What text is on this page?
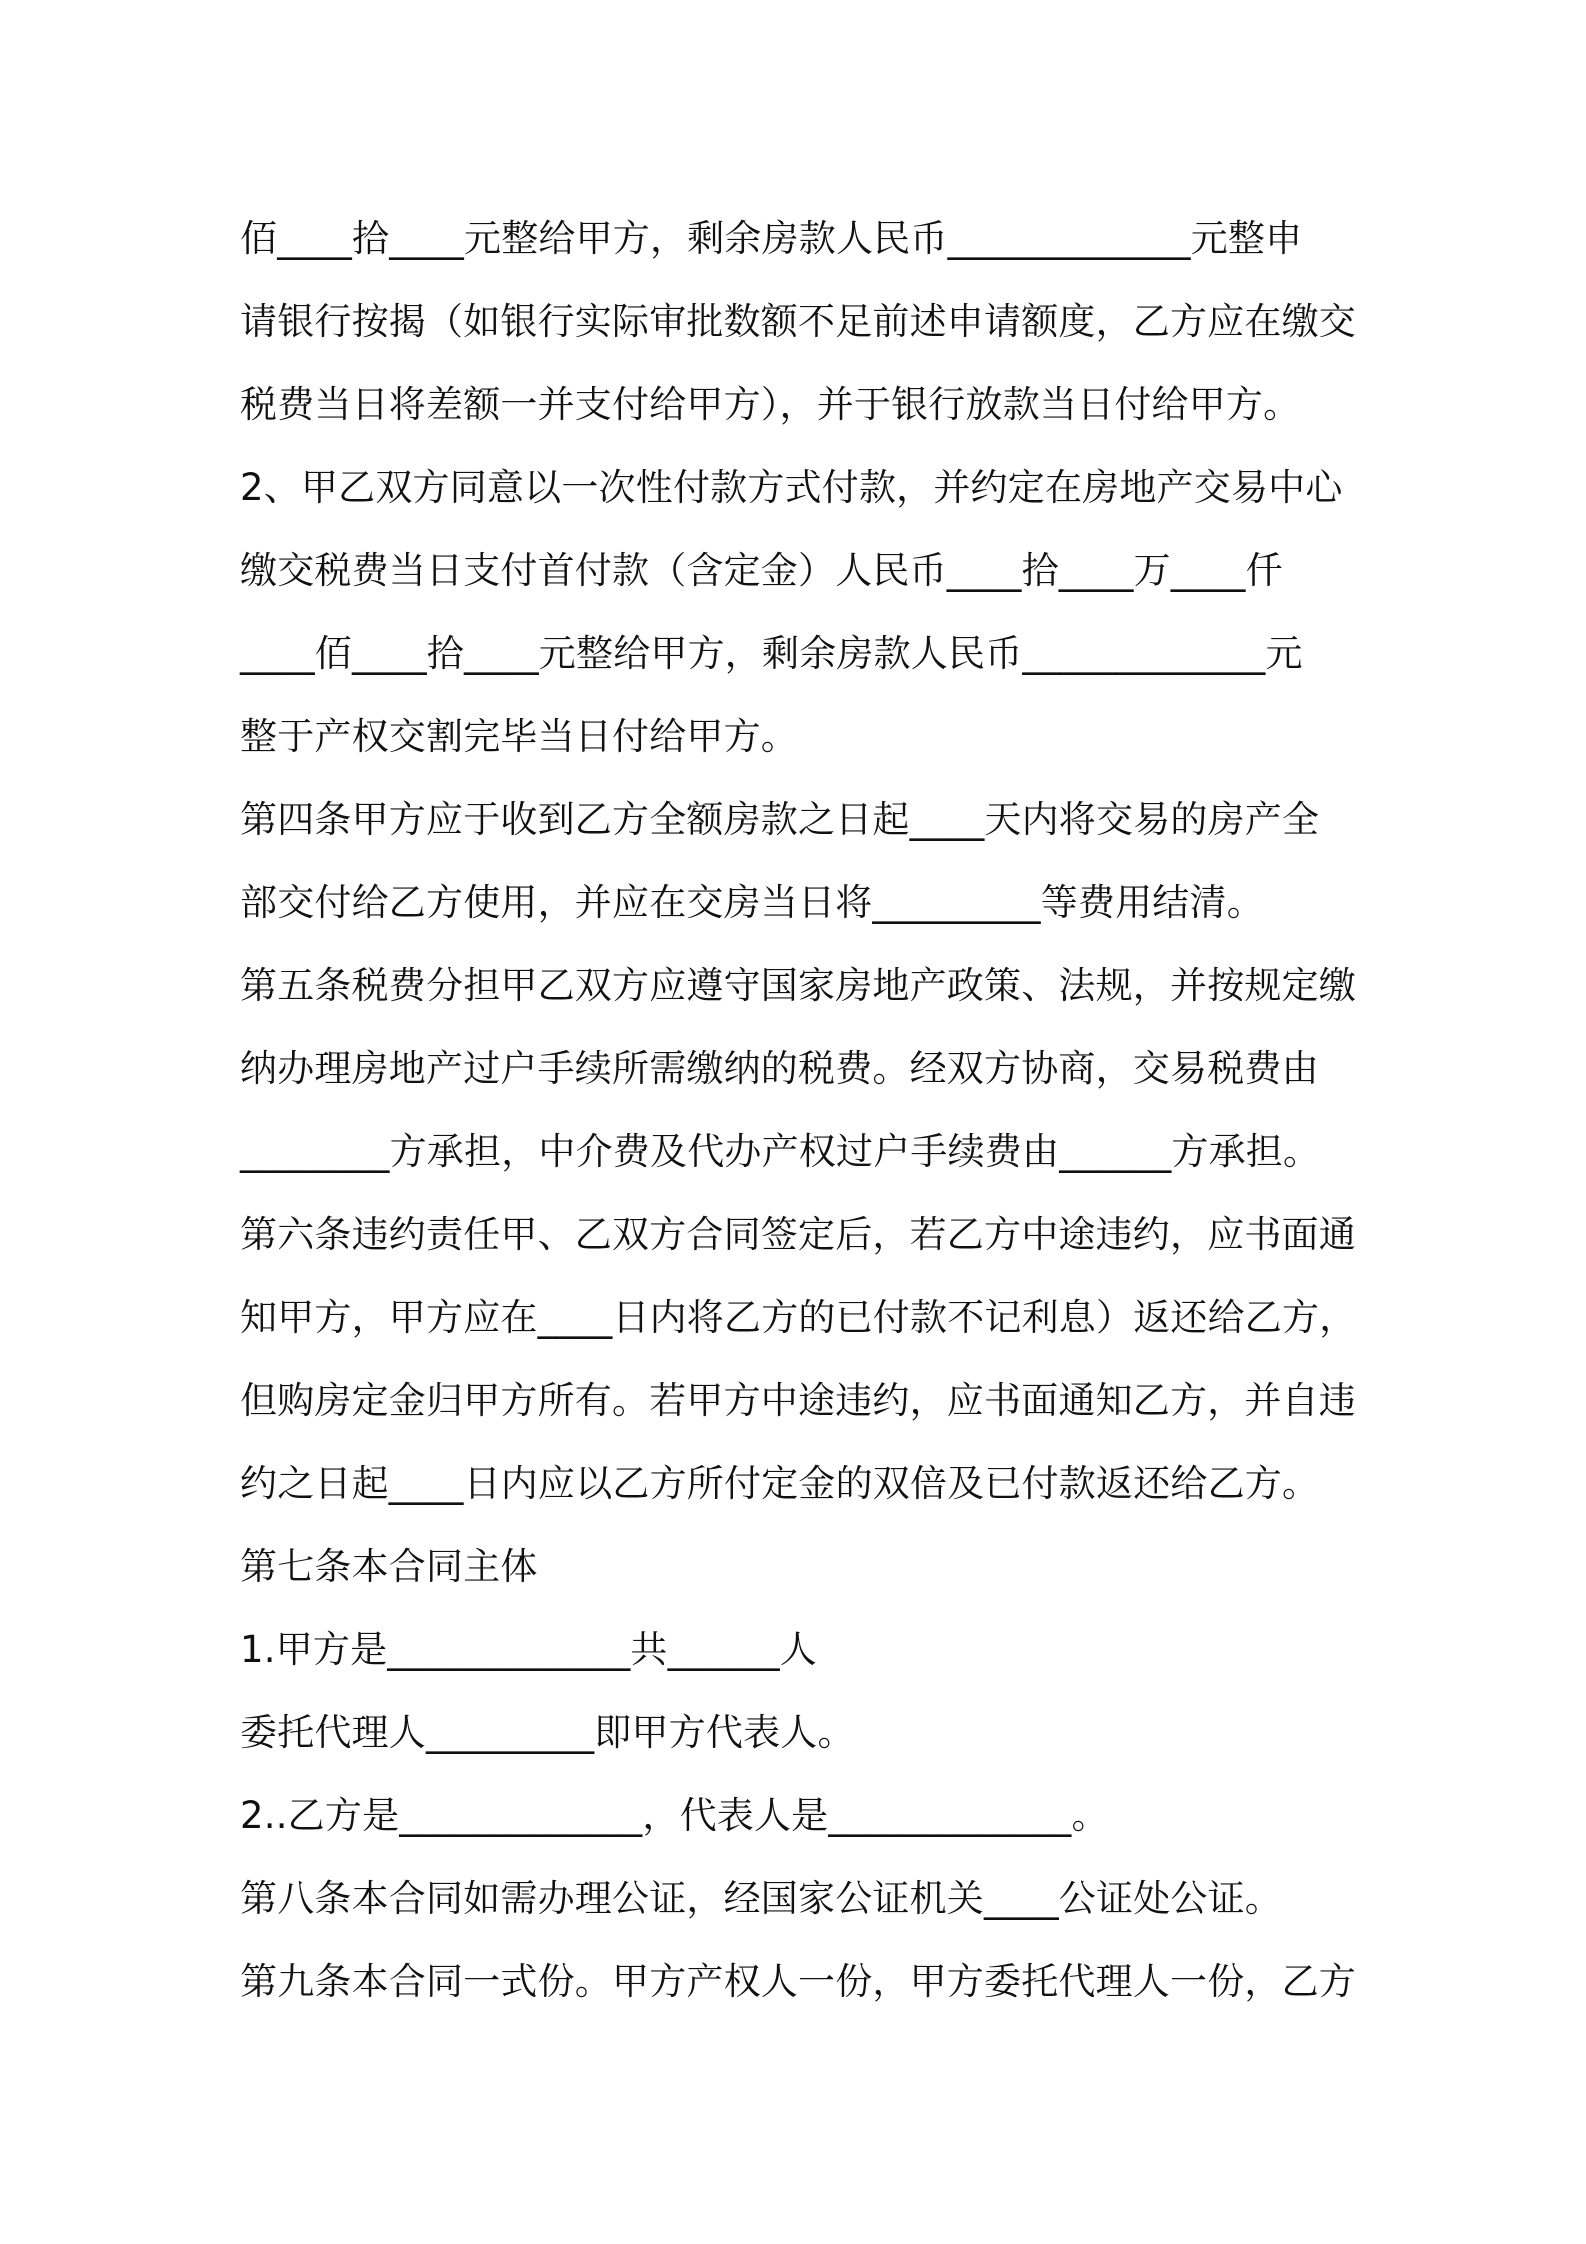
佰____拾____元整给甲方，剩余房款人民币_____________元整申
请银行按揭（如银行实际审批数额不足前述申请额度，乙方应在缴交
税费当日将差额一并支付给甲方），并于银行放款当日付给甲方。
2、甲乙双方同意以一次性付款方式付款，并约定在房地产交易中心
缴交税费当日支付首付款（含定金）人民币____拾____万____仟
____佰____拾____元整给甲方，剩余房款人民币_____________元
整于产权交割完毕当日付给甲方。
第四条甲方应于收到乙方全额房款之日起____天内将交易的房产全
部交付给乙方使用，并应在交房当日将_________等费用结清。
第五条税费分担甲乙双方应遵守国家房地产政策、法规，并按规定缴
纳办理房地产过户手续所需缴纳的税费。经双方协商，交易税费由
________方承担，中介费及代办产权过户手续费由______方承担。
第六条违约责任甲、乙双方合同签定后，若乙方中途违约，应书面通
知甲方，甲方应在____日内将乙方的已付款不记利息）返还给乙方，
但购房定金归甲方所有。若甲方中途违约，应书面通知乙方，并自违
约之日起____日内应以乙方所付定金的双倍及已付款返还给乙方。
第七条本合同主体
1.甲方是_____________共______人
委托代理人_________即甲方代表人。
2..乙方是_____________，代表人是_____________。
第八条本合同如需办理公证，经国家公证机关____公证处公证。
第九条本合同一式份。甲方产权人一份，甲方委托代理人一份，乙方
